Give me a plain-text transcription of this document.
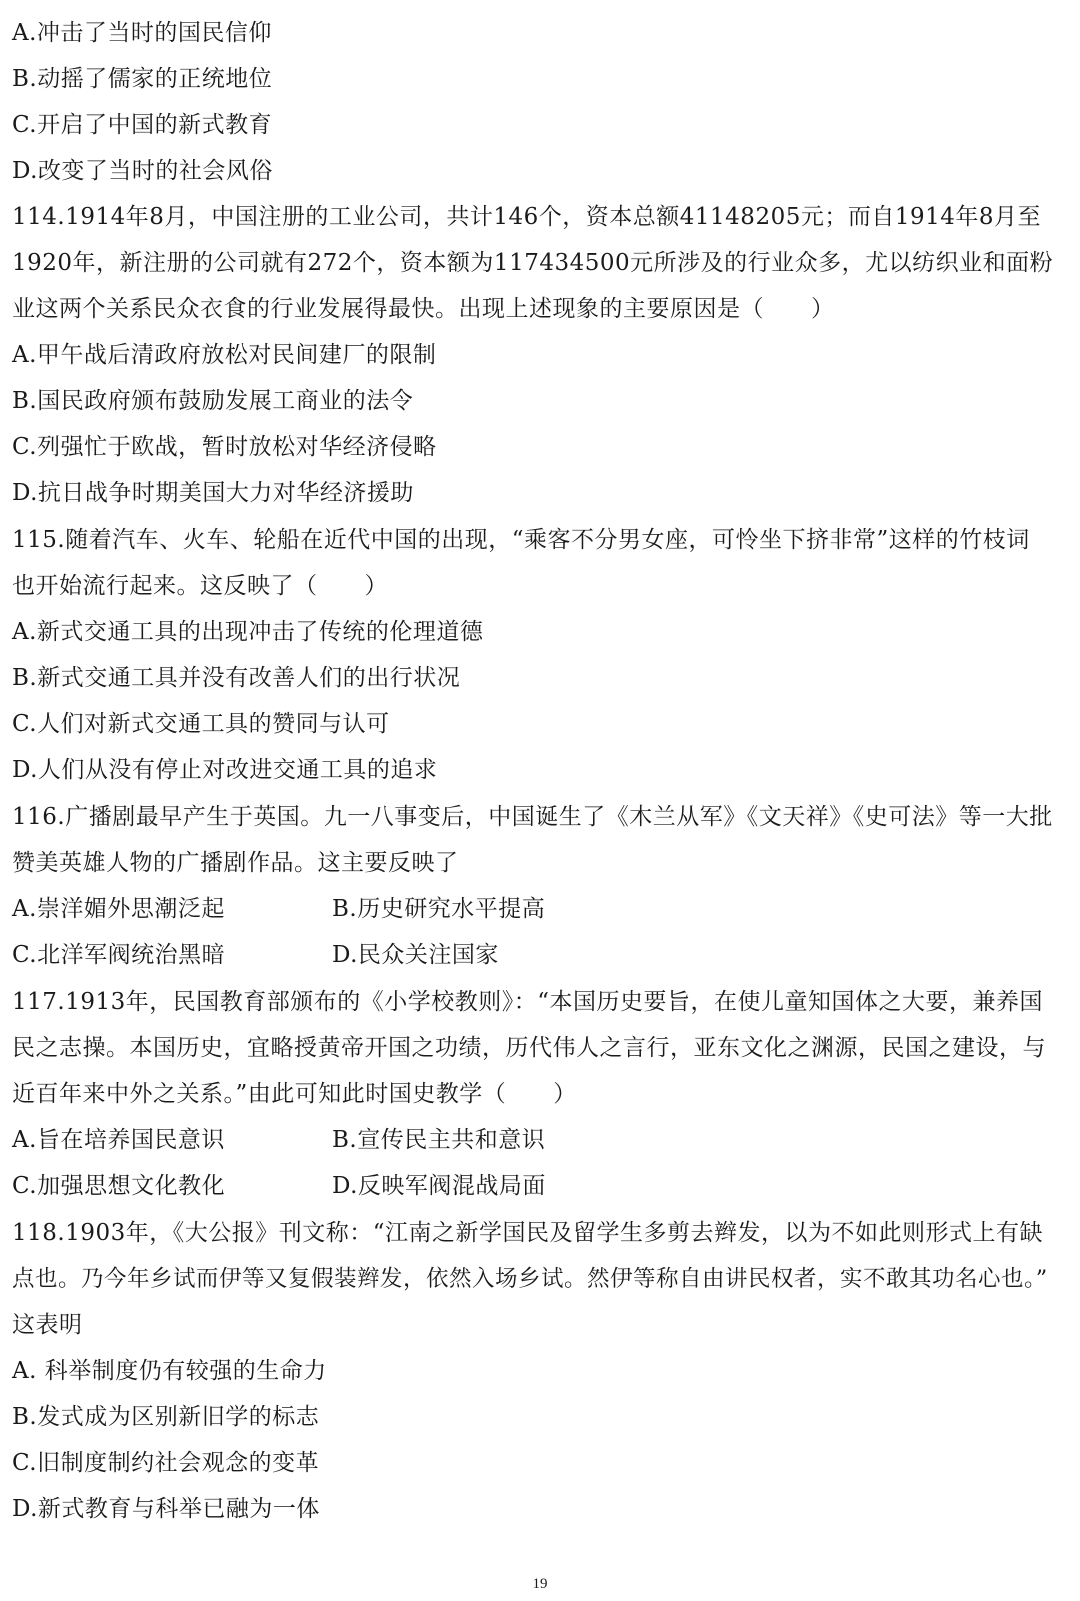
A.冲击了当时的国民信仰
B.动摇了儒家的正统地位
C.开启了中国的新式教育
D.改变了当时的社会风俗
114.1914年8月，中国注册的工业公司，共计146个，资本总额41148205元；而自1914年8月至
1920年，新注册的公司就有272个，资本额为117434500元所涉及的行业众多，尤以纺织业和面粉
业这两个关系民众衣食的行业发展得最快。出现上述现象的主要原因是（　　）
A.甲午战后清政府放松对民间建厂的限制
B.国民政府颁布鼓励发展工商业的法令
C.列强忙于欧战，暂时放松对华经济侵略
D.抗日战争时期美国大力对华经济援助
115.随着汽车、火车、轮船在近代中国的出现，“乘客不分男女座，可怜坐下挤非常”这样的竹枝词
也开始流行起来。这反映了（　　）
A.新式交通工具的出现冲击了传统的伦理道德
B.新式交通工具并没有改善人们的出行状况
C.人们对新式交通工具的赞同与认可
D.人们从没有停止对改进交通工具的追求
116.广播剧最早产生于英国。九一八事变后，中国诞生了《木兰从军》《文天祥》《史可法》等一大批
赞美英雄人物的广播剧作品。这主要反映了
A.崇洋媚外思潮泛起	B.历史研究水平提高
C.北洋军阀统治黑暗	D.民众关注国家
117.1913年，民国教育部颁布的《小学校教则》：“本国历史要旨，在使儿童知国体之大要，兼养国
民之志操。本国历史，宜略授黄帝开国之功绩，历代伟人之言行，亚东文化之渊源，民国之建设，与
近百年来中外之关系。”由此可知此时国史教学（　　）
A.旨在培养国民意识	B.宣传民主共和意识
C.加强思想文化教化	D.反映军阀混战局面
118.1903年，《大公报》刊文称：“江南之新学国民及留学生多剪去辫发，以为不如此则形式上有缺
点也。乃今年乡试而伊等又复假装辫发，依然入场乡试。然伊等称自由讲民权者，实不敢其功名心也。”
这表明
A. 科举制度仍有较强的生命力
B.发式成为区别新旧学的标志
C.旧制度制约社会观念的变革
D.新式教育与科举已融为一体
19
